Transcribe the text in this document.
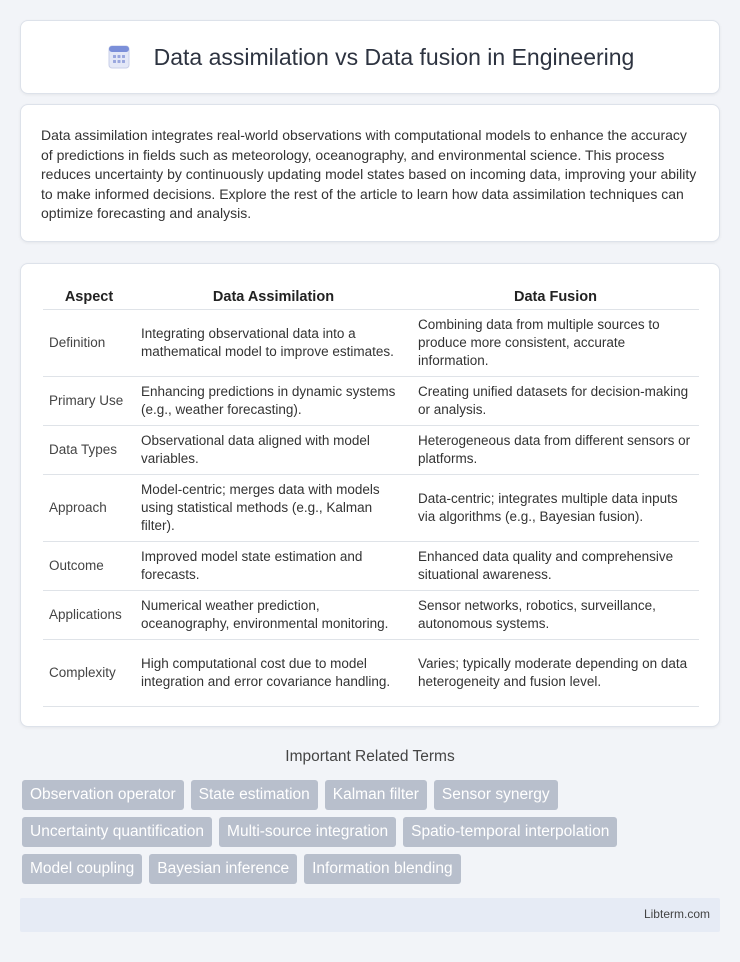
Data assimilation vs Data fusion in Engineering

Data assimilation integrates real-world observations with computational models to enhance the accuracy of predictions in fields such as meteorology, oceanography, and environmental science. This process reduces uncertainty by continuously updating model states based on incoming data, improving your ability to make informed decisions. Explore the rest of the article to learn how data assimilation techniques can optimize forecasting and analysis.

Aspect	Data Assimilation	Data Fusion
Definition	Integrating observational data into a mathematical model to improve estimates.	Combining data from multiple sources to produce more consistent, accurate information.
Primary Use	Enhancing predictions in dynamic systems (e.g., weather forecasting).	Creating unified datasets for decision-making or analysis.
Data Types	Observational data aligned with model variables.	Heterogeneous data from different sensors or platforms.
Approach	Model-centric; merges data with models using statistical methods (e.g., Kalman filter).	Data-centric; integrates multiple data inputs via algorithms (e.g., Bayesian fusion).
Outcome	Improved model state estimation and forecasts.	Enhanced data quality and comprehensive situational awareness.
Applications	Numerical weather prediction, oceanography, environmental monitoring.	Sensor networks, robotics, surveillance, autonomous systems.
Complexity	High computational cost due to model integration and error covariance handling.	Varies; typically moderate depending on data heterogeneity and fusion level.
Important Related Terms
Observation operator	State estimation	Kalman filter	Sensor synergy
Uncertainty quantification	Multi-source integration	Spatio-temporal interpolation
Model coupling	Bayesian inference	Information blending
Libterm.com
